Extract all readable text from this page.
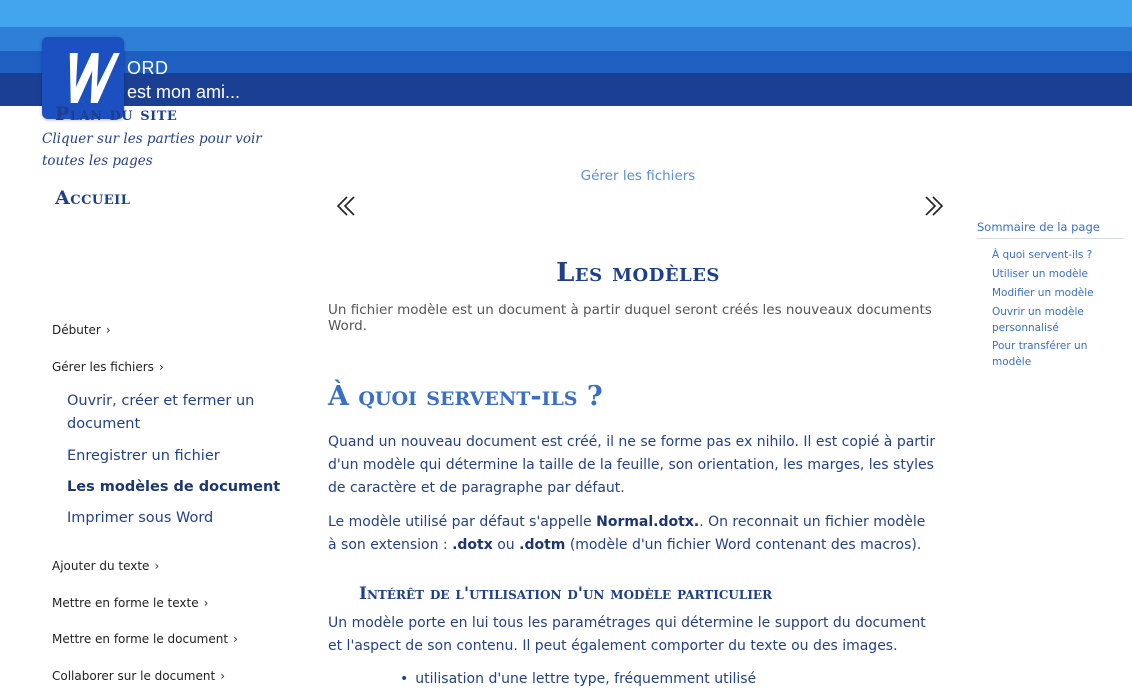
ORD
est mon ami...
Plan du site
Cliquer sur les parties pour voir toutes les pages
Accueil
Débuter ›
Gérer les fichiers ›
Ouvrir, créer et fermer un document
Enregistrer un fichier
Les modèles de document
Imprimer sous Word
Ajouter du texte ›
Mettre en forme le texte ›
Mettre en forme le document ›
Collaborer sur le document ›
Gérer les fichiers
Les modèles
Un fichier modèle est un document à partir duquel seront créés les nouveaux documents Word.
À quoi servent-ils ?
Quand un nouveau document est créé, il ne se forme pas ex nihilo. Il est copié à partir d'un modèle qui détermine la taille de la feuille, son orientation, les marges, les styles de caractère et de paragraphe par défaut.
Le modèle utilisé par défaut s'appelle Normal.dotx.. On reconnait un fichier modèle à son extension : .dotx ou .dotm (modèle d'un fichier Word contenant des macros).
Intérêt de l'utilisation d'un modèle particulier
Un modèle porte en lui tous les paramétrages qui détermine le support du document et l'aspect de son contenu. Il peut également comporter du texte ou des images.
• utilisation d'une lettre type, fréquemment utilisé
Sommaire de la page
À quoi servent-ils ?
Utiliser un modèle
Modifier un modèle
Ouvrir un modèle personnalisé
Pour transférer un modèle
